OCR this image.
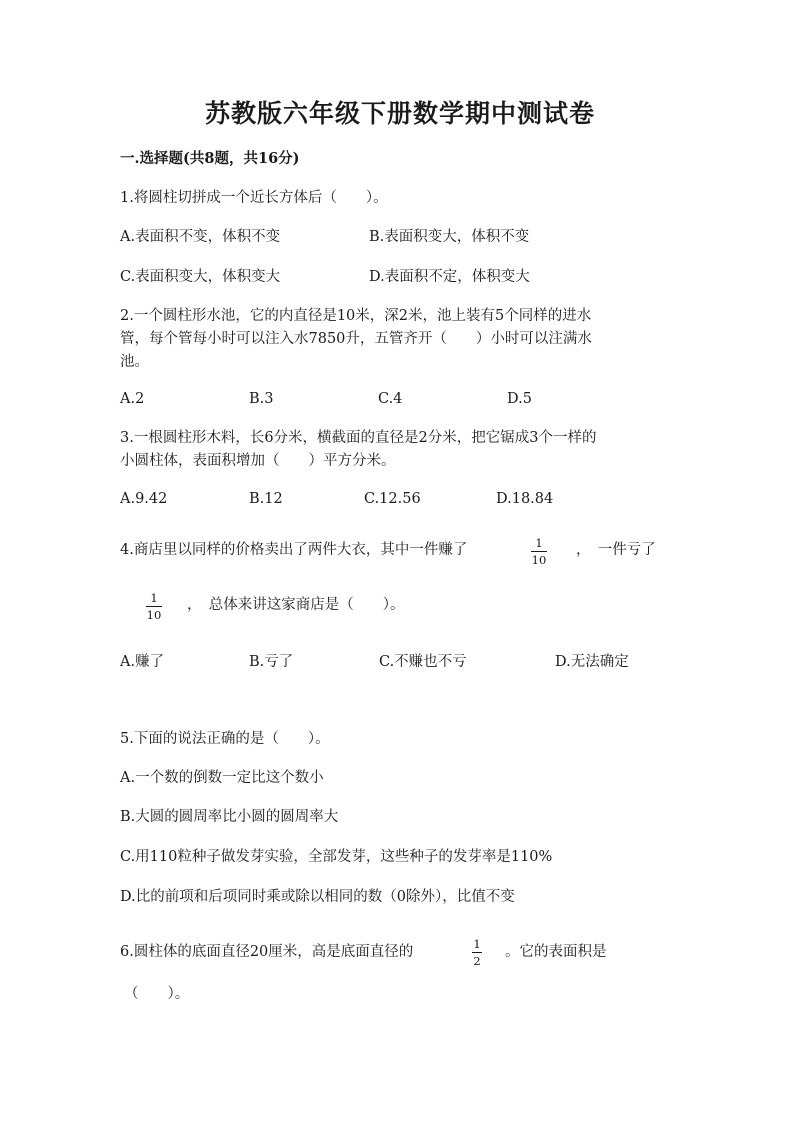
苏教版六年级下册数学期中测试卷
一.选择题(共8题，共16分)
1.将圆柱切拼成一个近长方体后（　　）。
A.表面积不变，体积不变	B.表面积变大，体积不变
C.表面积变大，体积变大	D.表面积不定，体积变大
2.一个圆柱形水池，它的内直径是10米，深2米，池上装有5个同样的进水
管，每个管每小时可以注入水7850升，五管齐开（　　）小时可以注满水
池。
A.2	B.3	C.4	D.5
3.一根圆柱形木料，长6分米，横截面的直径是2分米，把它锯成3个一样的
小圆柱体，表面积增加（　　）平方分米。
A.9.42	B.12	C.12.56	D.18.84
4.商店里以同样的价格卖出了两件大衣，其中一件赚了	1
10
，　一件亏了
1
10
，　总体来讲这家商店是（　　）。
A.赚了	B.亏了	C.不赚也不亏	D.无法确定
5.下面的说法正确的是（　　）。
A.一个数的倒数一定比这个数小
B.大圆的圆周率比小圆的圆周率大
C.用110粒种子做发芽实验，全部发芽，这些种子的发芽率是110%
D.比的前项和后项同时乘或除以相同的数（0除外），比值不变
6.圆柱体的底面直径20厘米，高是底面直径的	1
2
。它的表面积是
（　　）。
